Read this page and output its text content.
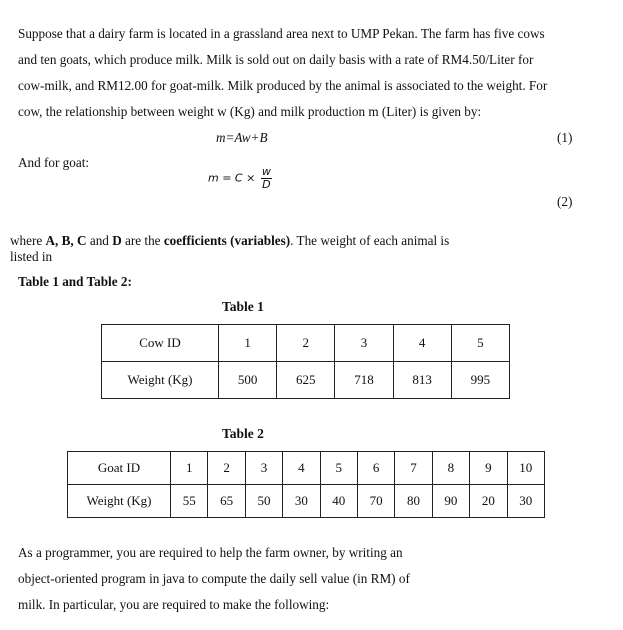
Suppose that a dairy farm is located in a grassland area next to UMP Pekan. The farm has five cows
and ten goats, which produce milk. Milk is sold out on daily basis with a rate of RM4.50/Liter for
cow-milk, and RM12.00 for goat-milk. Milk produced by the animal is associated to the weight. For
cow, the relationship between weight w (Kg) and milk production m (Liter) is given by:
m=Aw+B	(1)
And for goat:
$m = C \times \frac{w}{D}$
(2)
where A, B, C and D are the coefficients (variables). The weight of each animal is listed in
Table 1 and Table 2:
Table 1
Cow ID	1	2	3	4	5
Weight (Kg)	500	625	718	813	995
Table 2
Goat ID	1	2	3	4	5	6	7	8	9	10
Weight (Kg)	55	65	50	30	40	70	80	90	20	30
As a programmer, you are required to help the farm owner, by writing an
object-oriented program in java to compute the daily sell value (in RM) of
milk. In particular, you are required to make the following:
